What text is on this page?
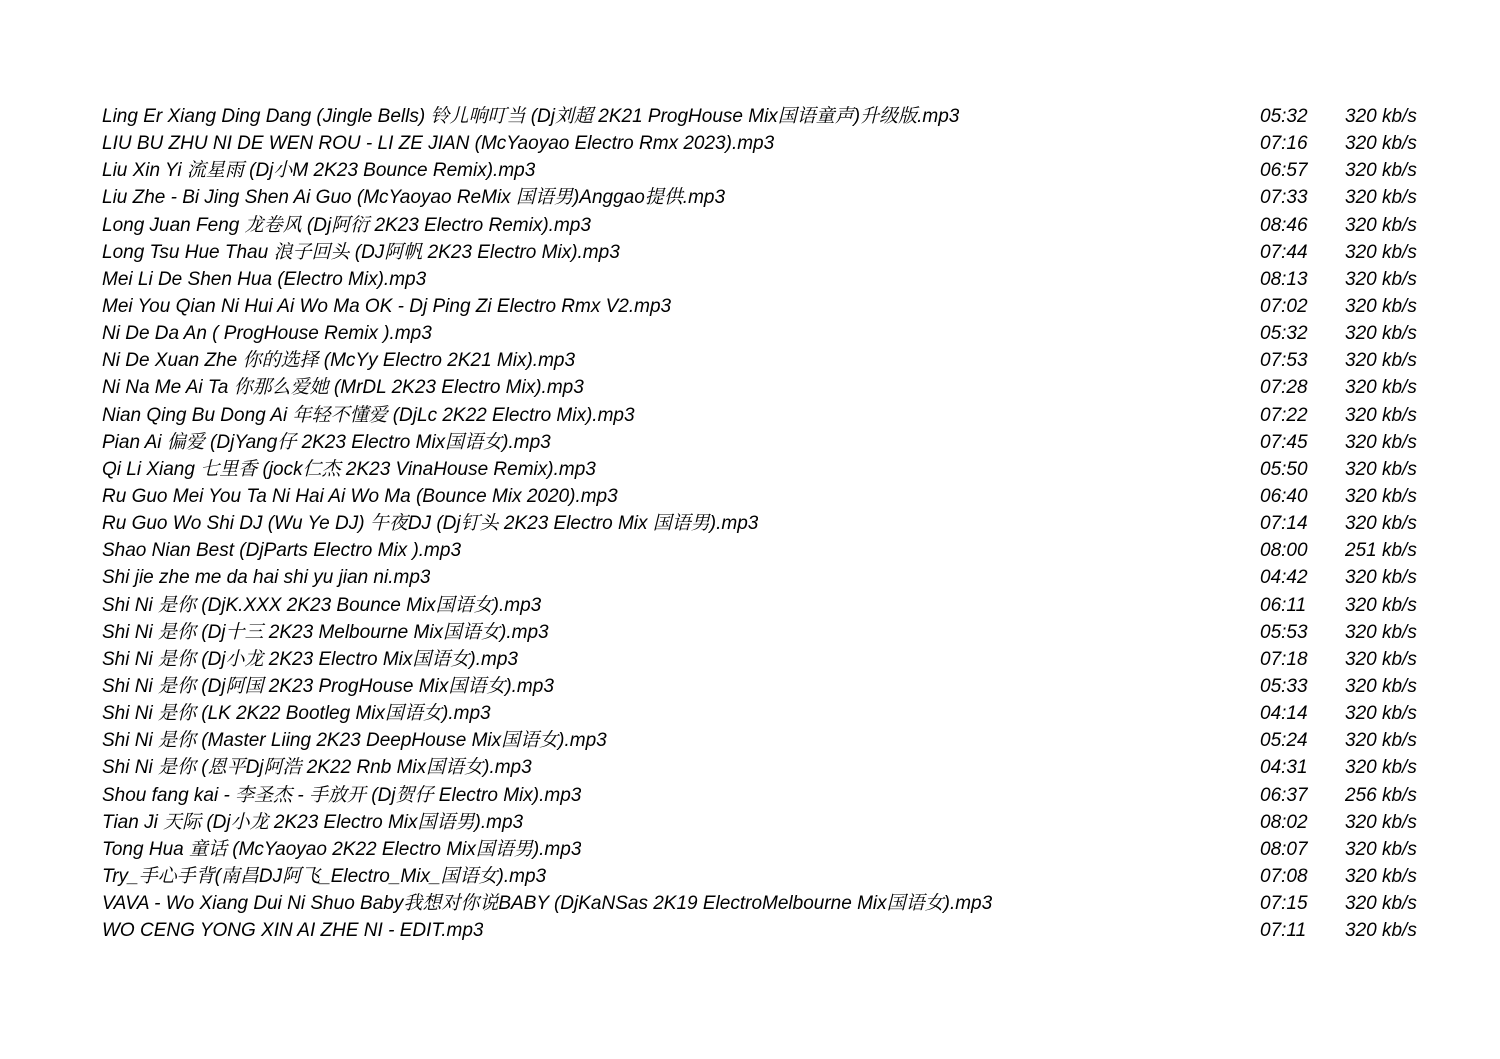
Ling Er Xiang Ding Dang (Jingle Bells) 铃儿响叮当 (Dj刘超 2K21 ProgHouse Mix国语童声)升级版.mp3	05:32 320 kb/s
LIU BU ZHU NI DE WEN ROU - LI ZE JIAN (McYaoyao Electro Rmx 2023).mp3	07:16 320 kb/s
Liu Xin Yi 流星雨 (Dj小M 2K23 Bounce Remix).mp3	06:57 320 kb/s
Liu Zhe - Bi Jing Shen Ai Guo (McYaoyao ReMix 国语男)Anggao提供.mp3	07:33 320 kb/s
Long Juan Feng 龙卷风 (Dj阿衍 2K23 Electro Remix).mp3	08:46 320 kb/s
Long Tsu Hue Thau 浪子回头 (DJ阿帆 2K23 Electro Mix).mp3	07:44 320 kb/s
Mei Li De Shen Hua (Electro Mix).mp3	08:13 320 kb/s
Mei You Qian Ni Hui Ai Wo Ma OK - Dj Ping Zi Electro Rmx V2.mp3	07:02 320 kb/s
Ni De Da An ( ProgHouse Remix ).mp3	05:32 320 kb/s
Ni De Xuan Zhe 你的选择 (McYy Electro 2K21 Mix).mp3	07:53 320 kb/s
Ni Na Me Ai Ta 你那么爱她 (MrDL 2K23 Electro Mix).mp3	07:28 320 kb/s
Nian Qing Bu Dong Ai 年轻不懂爱 (DjLc 2K22 Electro Mix).mp3	07:22 320 kb/s
Pian Ai 偏爱 (DjYang仔 2K23 Electro Mix国语女).mp3	07:45 320 kb/s
Qi Li Xiang 七里香 (jock仁杰 2K23 VinaHouse Remix).mp3	05:50 320 kb/s
Ru Guo Mei You Ta Ni Hai Ai Wo Ma (Bounce Mix 2020).mp3	06:40 320 kb/s
Ru Guo Wo Shi DJ (Wu Ye DJ) 午夜DJ (Dj钉头 2K23 Electro Mix 国语男).mp3	07:14 320 kb/s
Shao Nian Best (DjParts Electro Mix ).mp3	08:00 251 kb/s
Shi jie zhe me da hai shi yu jian ni.mp3	04:42 320 kb/s
Shi Ni 是你 (DjK.XXX 2K23 Bounce Mix国语女).mp3	06:11 320 kb/s
Shi Ni 是你 (Dj十三 2K23 Melbourne Mix国语女).mp3	05:53 320 kb/s
Shi Ni 是你 (Dj小龙 2K23 Electro Mix国语女).mp3	07:18 320 kb/s
Shi Ni 是你 (Dj阿国 2K23 ProgHouse Mix国语女).mp3	05:33 320 kb/s
Shi Ni 是你 (LK 2K22 Bootleg Mix国语女).mp3	04:14 320 kb/s
Shi Ni 是你 (Master Liing 2K23 DeepHouse Mix国语女).mp3	05:24 320 kb/s
Shi Ni 是你 (恩平Dj阿浩 2K22 Rnb Mix国语女).mp3	04:31 320 kb/s
Shou fang kai - 李圣杰 - 手放开 (Dj贺仔 Electro Mix).mp3	06:37 256 kb/s
Tian Ji 天际 (Dj小龙 2K23 Electro Mix国语男).mp3	08:02 320 kb/s
Tong Hua 童话 (McYaoyao 2K22 Electro Mix国语男).mp3	08:07 320 kb/s
Try_手心手背(南昌DJ阿飞_Electro_Mix_国语女).mp3	07:08 320 kb/s
VAVA - Wo Xiang Dui Ni Shuo Baby我想对你说BABY (DjKaNSas 2K19 ElectroMelbourne Mix国语女).mp3	07:15 320 kb/s
WO CENG YONG XIN AI ZHE NI - EDIT.mp3	07:11 320 kb/s
